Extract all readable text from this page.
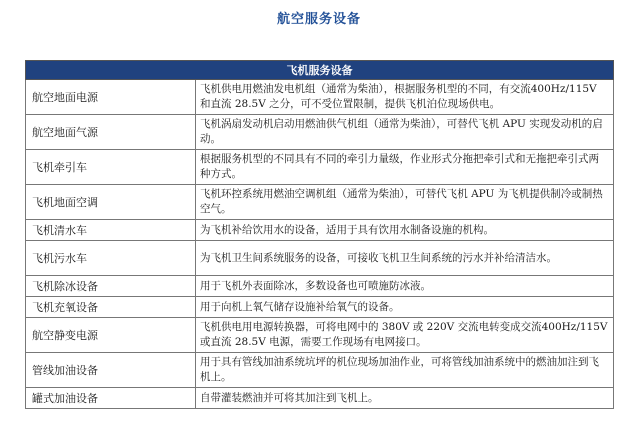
航空服务设备
飞机服务设备	
航空地面电源	飞机供电用燃油发电机组（通常为柴油），根据服务机型的不同，有交流400Hz/115V 和直流 28.5V 之分，可不受位置限制，提供飞机泊位现场供电。
航空地面气源	飞机涡扇发动机启动用燃油供气机组（通常为柴油），可替代飞机 APU 实现发动机的启动。
飞机牵引车	根据服务机型的不同具有不同的牵引力量级，作业形式分拖把牵引式和无拖把牵引式两种方式。
飞机地面空调	飞机环控系统用燃油空调机组（通常为柴油），可替代飞机 APU 为飞机提供制冷或制热空气。
飞机清水车	为飞机补给饮用水的设备，适用于具有饮用水制备设施的机构。
飞机污水车	为飞机卫生间系统服务的设备，可接收飞机卫生间系统的污水并补给清洁水。
飞机除冰设备	用于飞机外表面除冰，多数设备也可喷施防冰液。
飞机充氧设备	用于向机上氧气储存设施补给氧气的设备。
航空静变电源	飞机供电用电源转换器，可将电网中的 380V 或 220V 交流电转变成交流400Hz/115V 或直流 28.5V 电源，需要工作现场有电网接口。
管线加油设备	用于具有管线加油系统坑坪的机位现场加油作业，可将管线加油系统中的燃油加注到飞机上。
罐式加油设备	自带灌装燃油并可将其加注到飞机上。
